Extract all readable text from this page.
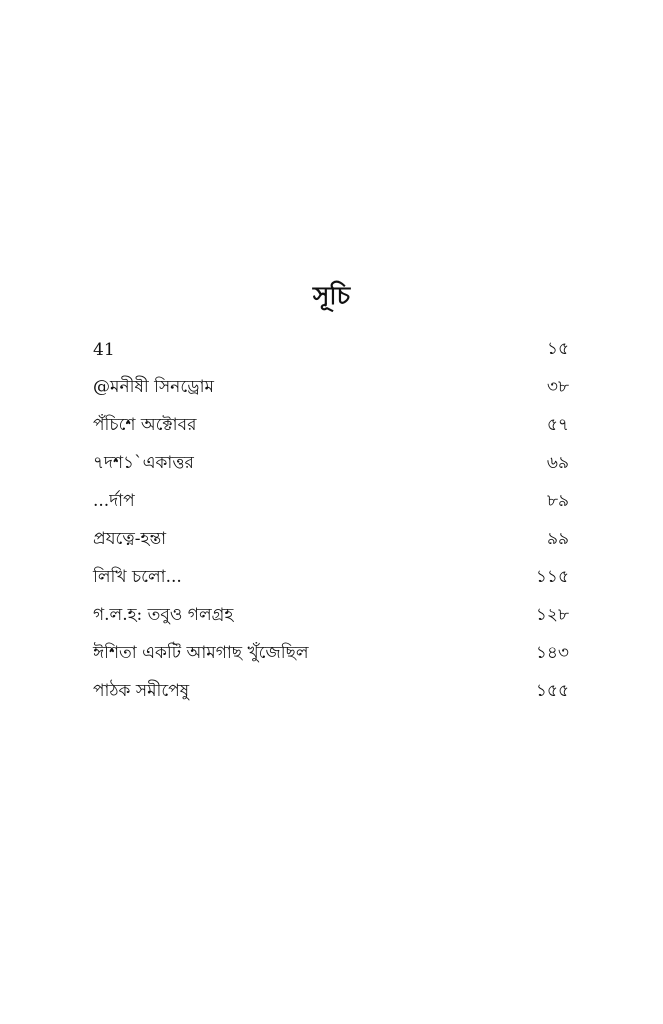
সূচি
41	১৫
@মনীষী সিনড্রোম	৩৮
পঁচিশে অক্টোবর	৫৭
৭দশ১`একাত্তর	৬৯
...র্দাপ	৮৯
প্রযত্নে-হন্তা	৯৯
লিখি চলো...	১১৫
গ.ল.হ: তবুও গলগ্রহ	১২৮
ঈশিতা একটি আমগাছ খুঁজেছিল	১৪৩
পাঠক সমীপেষু	১৫৫
